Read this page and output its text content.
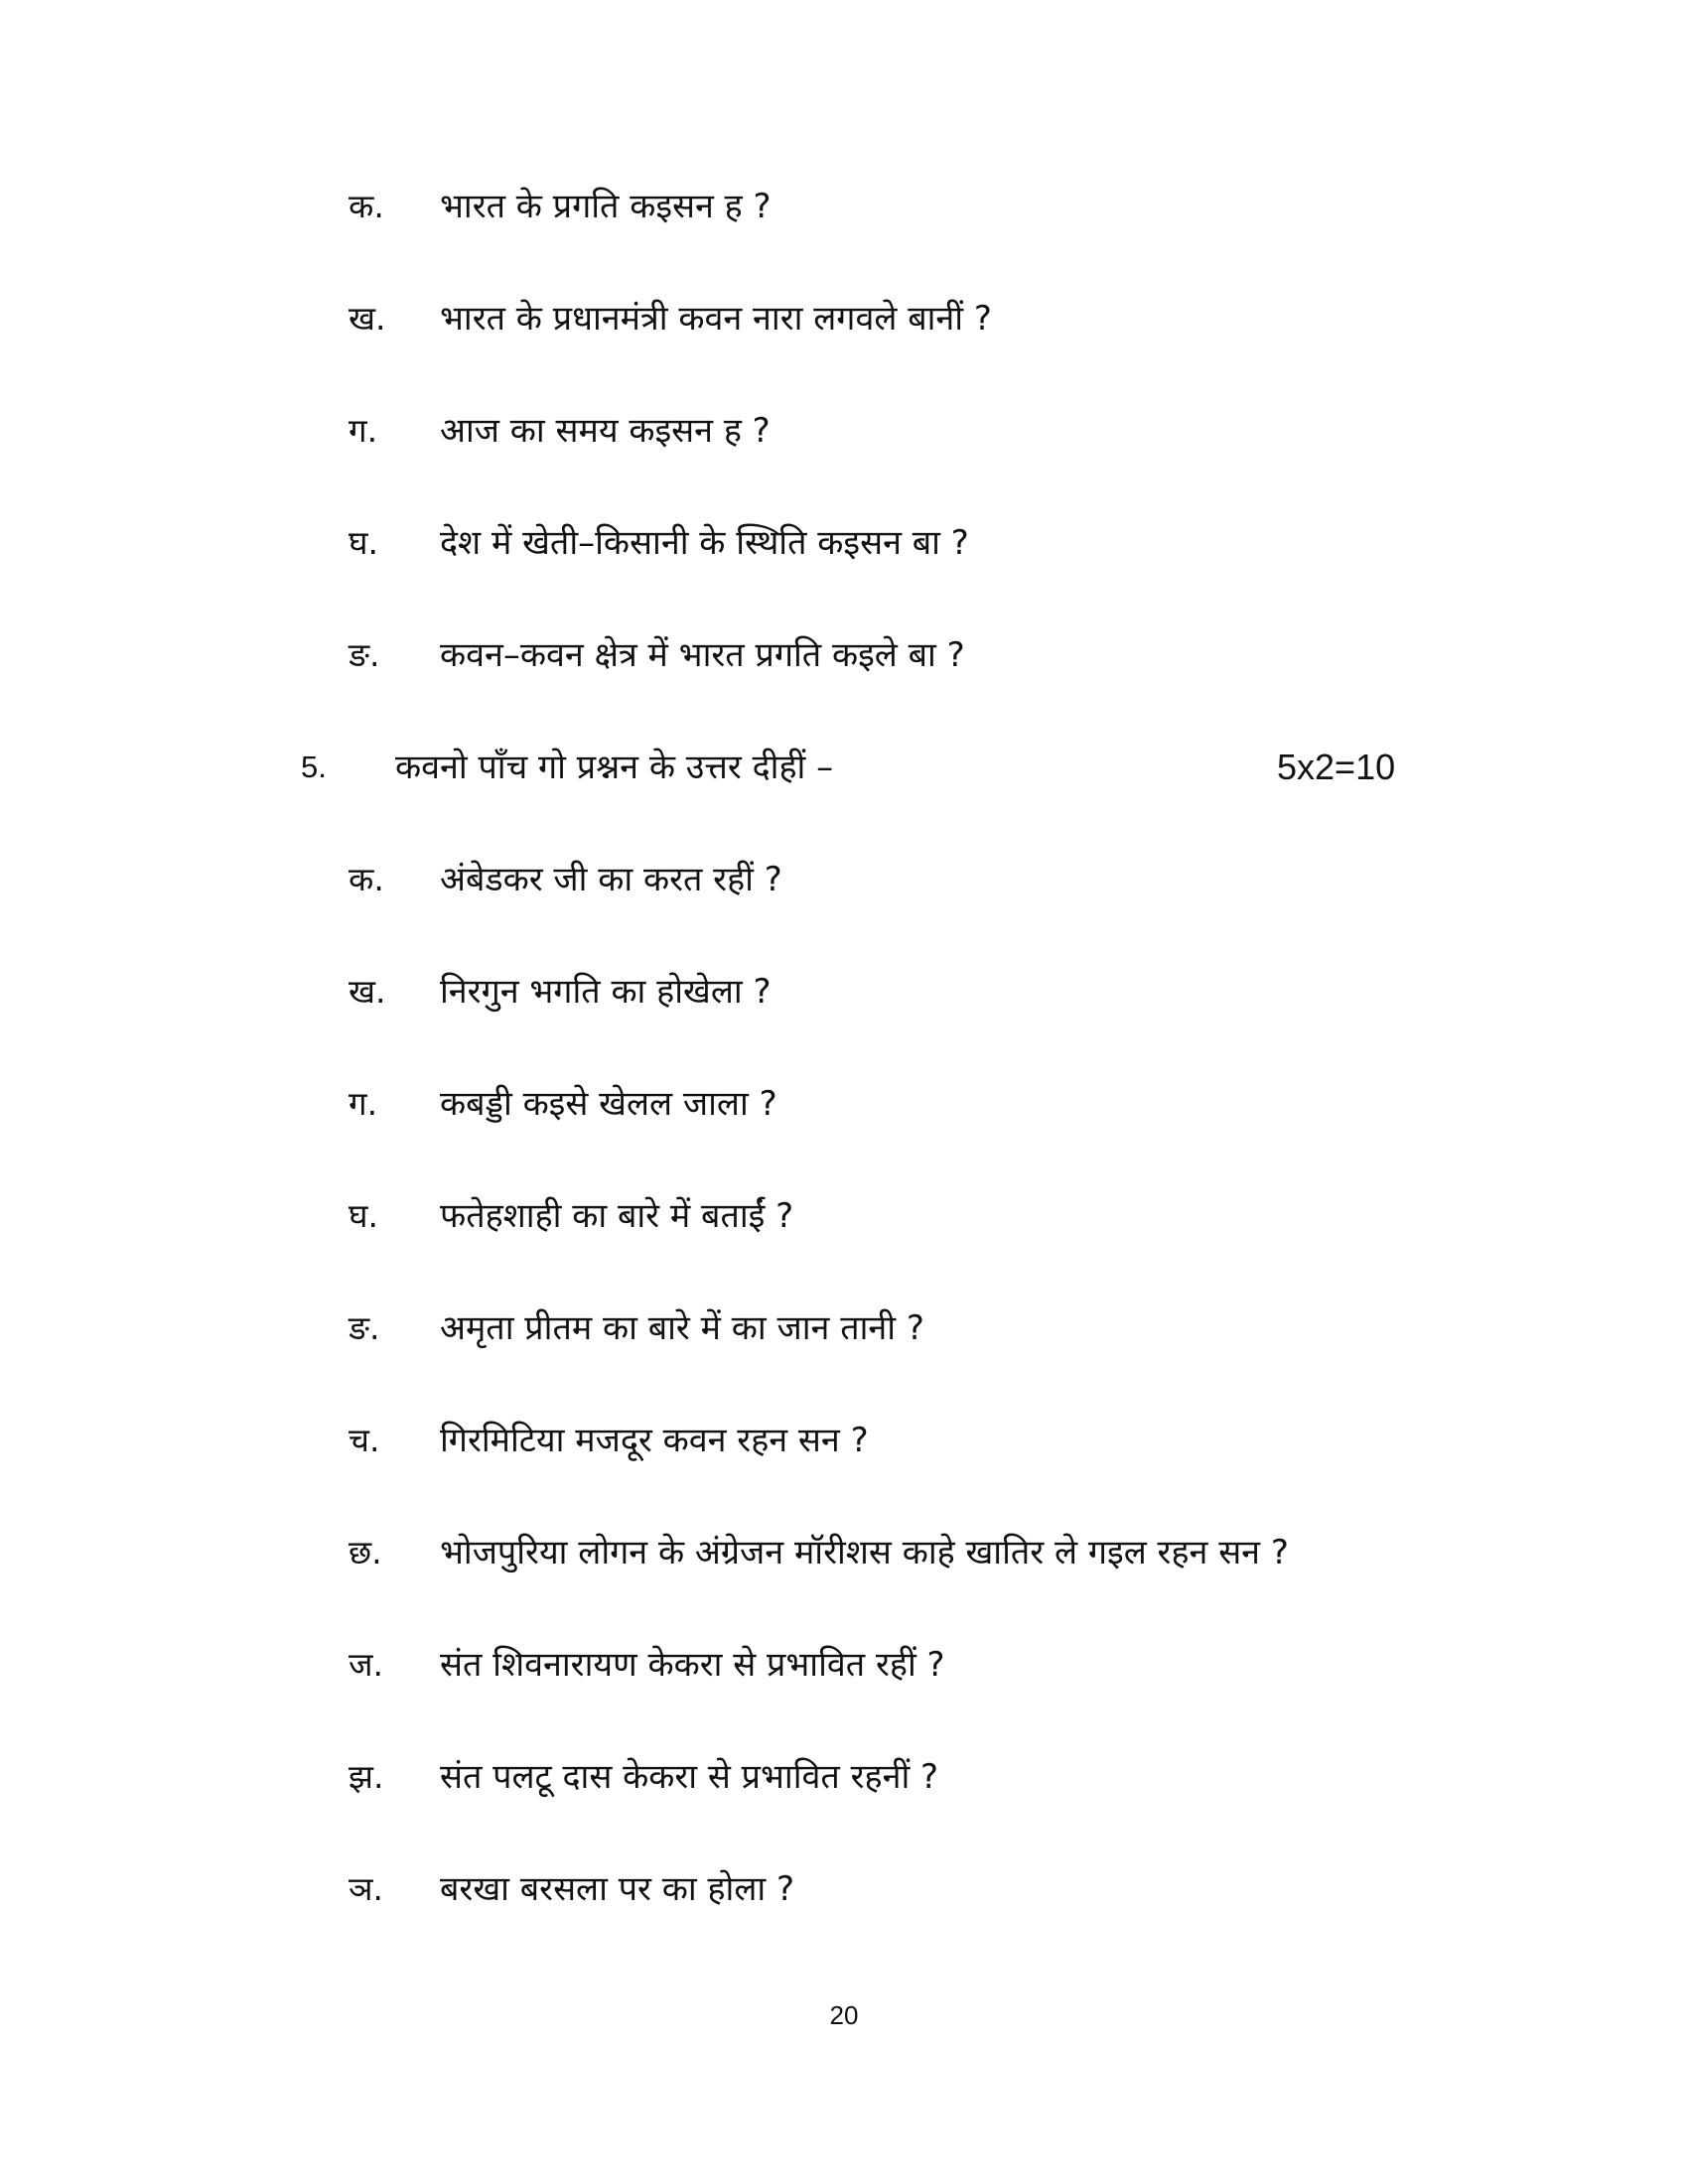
क. भारत के प्रगति कइसन ह ?
ख. भारत के प्रधानमंत्री कवन नारा लगवले बानीं ?
ग. आज का समय कइसन ह ?
घ. देश में खेती–किसानी के स्थिति कइसन बा ?
ङ. कवन–कवन क्षेत्र में भारत प्रगति कइले बा ?
5. कवनो पाँच गो प्रश्नन के उत्तर दीहीं –	5x2=10
क. अंबेडकर जी का करत रहीं ?
ख. निरगुन भगति का होखेला ?
ग. कबड्डी कइसे खेलल जाला ?
घ. फतेहशाही का बारे में बताईं ?
ङ. अमृता प्रीतम का बारे में का जान तानी ?
च. गिरमिटिया मजदूर कवन रहन सन ?
छ. भोजपुरिया लोगन के अंग्रेजन मॉरीशस काहे खातिर ले गइल रहन सन ?
ज. संत शिवनारायण केकरा से प्रभावित रहीं ?
झ. संत पलटू दास केकरा से प्रभावित रहनीं ?
ञ. बरखा बरसला पर का होला ?
20
